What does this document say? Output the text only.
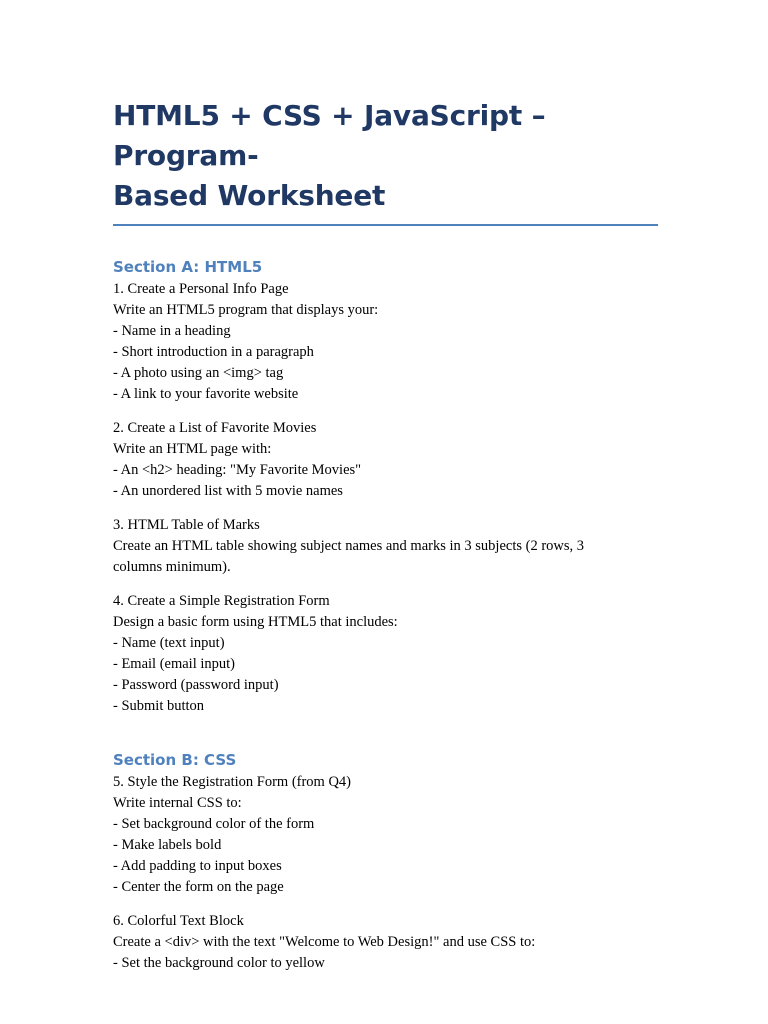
HTML5 + CSS + JavaScript – Program-
Based Worksheet
Section A: HTML5
1. Create a Personal Info Page
Write an HTML5 program that displays your:
- Name in a heading
- Short introduction in a paragraph
- A photo using an <img> tag
- A link to your favorite website
2. Create a List of Favorite Movies
Write an HTML page with:
- An <h2> heading: "My Favorite Movies"
- An unordered list with 5 movie names
3. HTML Table of Marks
Create an HTML table showing subject names and marks in 3 subjects (2 rows, 3
columns minimum).
4. Create a Simple Registration Form
Design a basic form using HTML5 that includes:
- Name (text input)
- Email (email input)
- Password (password input)
- Submit button
Section B: CSS
5. Style the Registration Form (from Q4)
Write internal CSS to:
- Set background color of the form
- Make labels bold
- Add padding to input boxes
- Center the form on the page
6. Colorful Text Block
Create a <div> with the text "Welcome to Web Design!" and use CSS to:
- Set the background color to yellow
